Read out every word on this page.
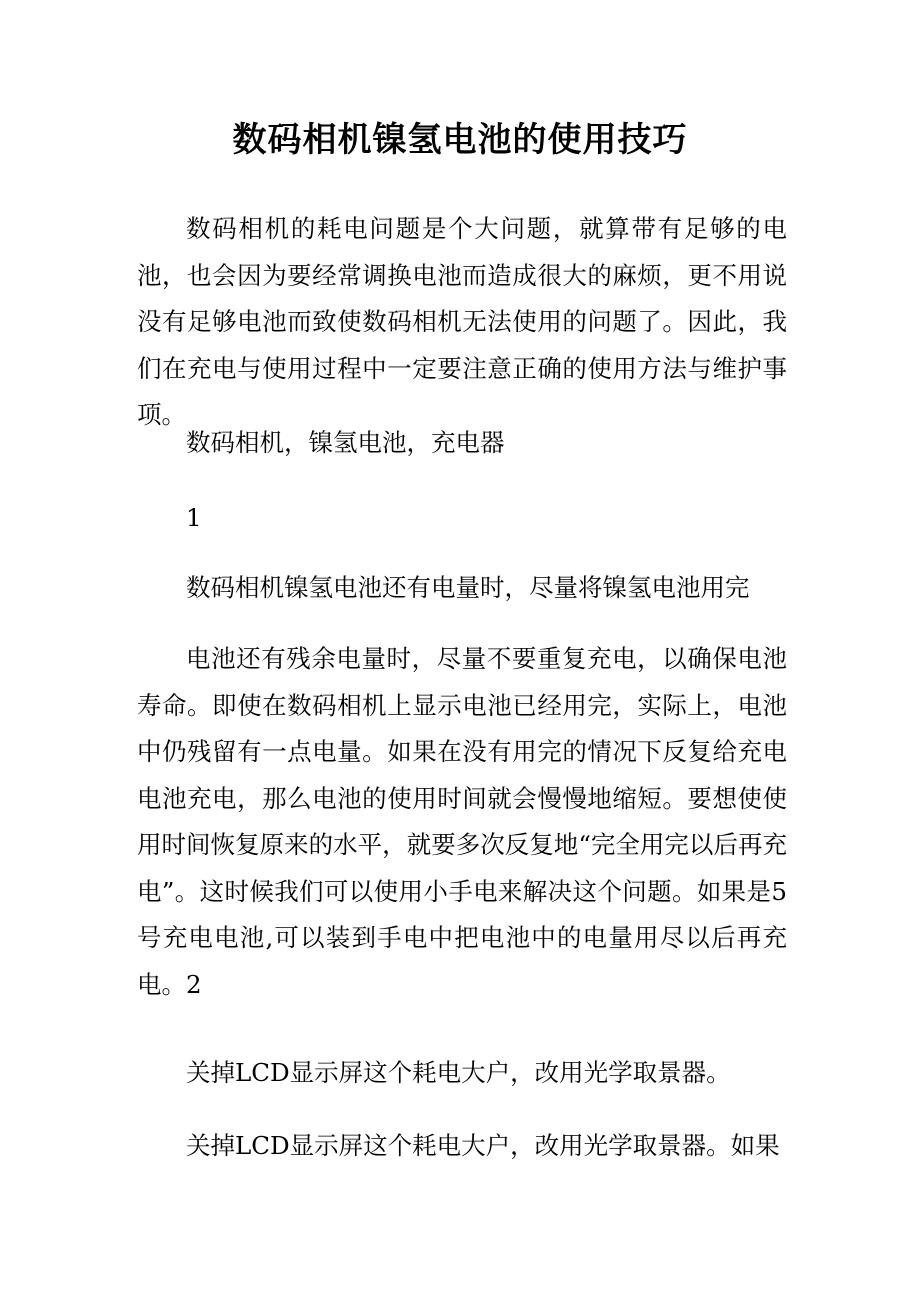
数码相机镍氢电池的使用技巧

数码相机的耗电问题是个大问题，就算带有足够的电池，也会因为要经常调换电池而造成很大的麻烦，更不用说没有足够电池而致使数码相机无法使用的问题了。因此，我们在充电与使用过程中一定要注意正确的使用方法与维护事项。

数码相机，镍氢电池，充电器

1

数码相机镍氢电池还有电量时，尽量将镍氢电池用完

电池还有残余电量时，尽量不要重复充电，以确保电池寿命。即使在数码相机上显示电池已经用完，实际上，电池中仍残留有一点电量。如果在没有用完的情况下反复给充电电池充电，那么电池的使用时间就会慢慢地缩短。要想使使用时间恢复原来的水平，就要多次反复地“完全用完以后再充电”。这时候我们可以使用小手电来解决这个问题。如果是5号充电电池,可以装到手电中把电池中的电量用尽以后再充电。2

关掉LCD显示屏这个耗电大户，改用光学取景器。

关掉LCD显示屏这个耗电大户，改用光学取景器。如果
